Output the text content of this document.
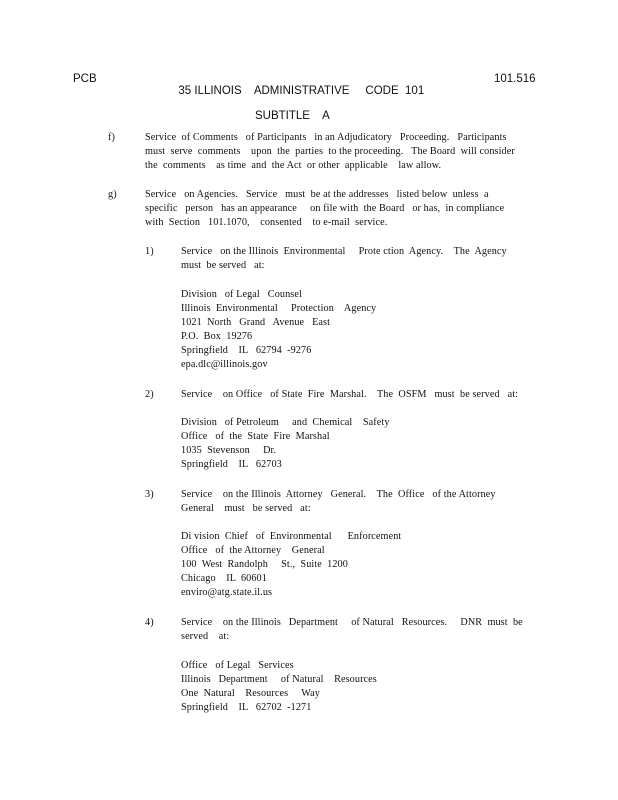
PCB

35 ILLINOIS    ADMINISTRATIVE     CODE  101

SUBTITLE    A

101.516
f)	Service  of Comments   of Participants   in an Adjudicatory   Proceeding.   Participants

must  serve  comments    upon  the  parties  to the proceeding.   The Board  will consider

the  comments    as time  and  the Act  or other  applicable    law allow.

g)	Service   on Agencies.   Service   must  be at the addresses   listed below  unless  a

specific   person   has an appearance     on file with  the Board   or has,  in compliance

with  Section   101.1070,    consented    to e-mail  service.

1)	Service   on the Illinois  Environmental     Prote ction  Agency.    The  Agency

must  be served   at:

Division   of Legal   Counsel
Illinois  Environmental     Protection    Agency
1021  North   Grand   Avenue   East
P.O.  Box  19276
Springfield    IL   62794  -9276
epa.dlc@illinois.gov
2)	Service    on Office   of State  Fire  Marshal.    The  OSFM   must  be served   at:

Division   of Petroleum     and  Chemical    Safety
Office   of  the  State  Fire  Marshal
1035  Stevenson     Dr.
Springfield    IL   62703
3)	Service    on the Illinois  Attorney   General.    The  Office   of the Attorney

General    must   be served   at:

Di vision  Chief   of  Environmental      Enforcement
Office   of  the Attorney    General
100  West  Randolph     St.,  Suite  1200
Chicago    IL  60601
enviro@atg.state.il.us
4)	Service    on the Illinois   Department     of Natural   Resources.     DNR  must  be

served    at:

Office   of Legal   Services
Illinois   Department     of Natural    Resources
One  Natural    Resources     Way
Springfield    IL   62702  -1271
